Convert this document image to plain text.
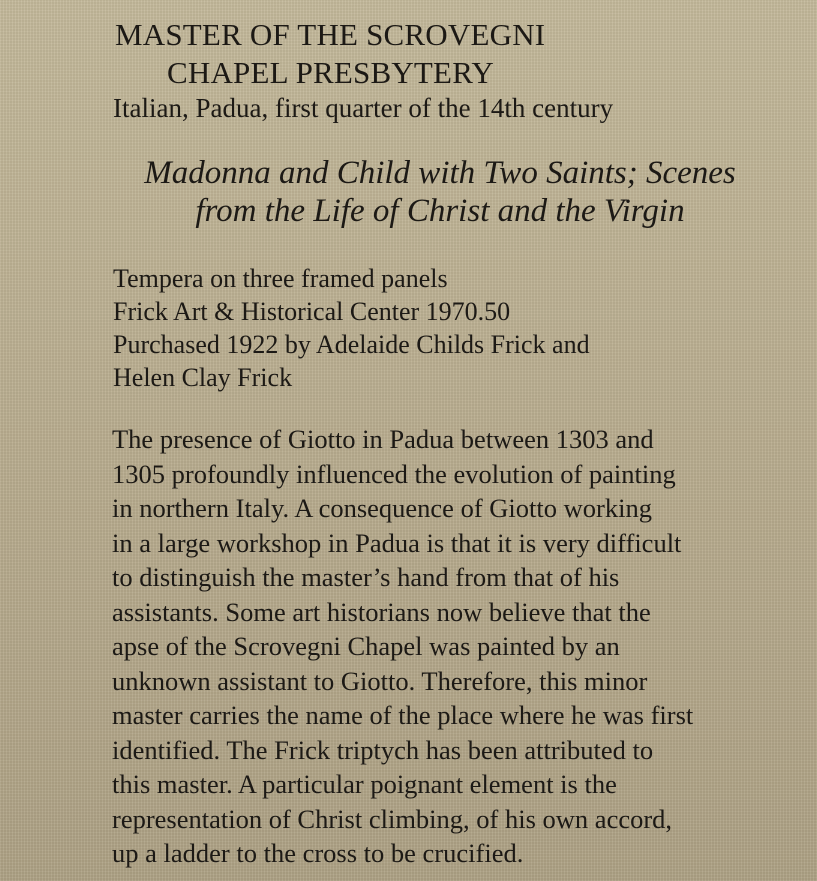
MASTER OF THE SCROVEGNI
CHAPEL PRESBYTERY

Italian, Padua, first quarter of the 14th century

Madonna and Child with Two Saints; Scenes
from the Life of Christ and the Virgin
Tempera on three framed panels
Frick Art & Historical Center 1970.50
Purchased 1922 by Adelaide Childs Frick and
Helen Clay Frick
The presence of Giotto in Padua between 1303 and
1305 profoundly influenced the evolution of painting
in northern Italy. A consequence of Giotto working
in a large workshop in Padua is that it is very difficult
to distinguish the master’s hand from that of his
assistants. Some art historians now believe that the
apse of the Scrovegni Chapel was painted by an
unknown assistant to Giotto. Therefore, this minor
master carries the name of the place where he was first
identified. The Frick triptych has been attributed to
this master. A particular poignant element is the
representation of Christ climbing, of his own accord,
up a ladder to the cross to be crucified.
